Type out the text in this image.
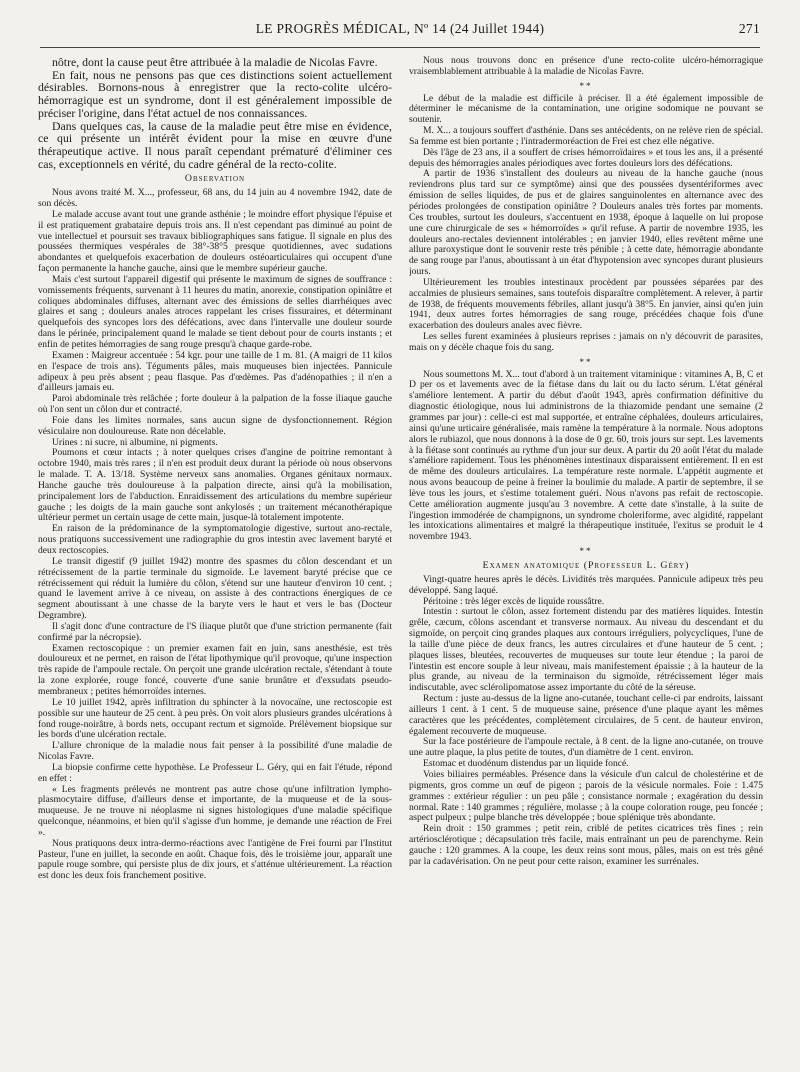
LE PROGRÈS MÉDICAL, Nº 14 (24 Juillet 1944)	271

nôtre, dont la cause peut être attribuée à la maladie de Nicolas Favre.

En fait, nous ne pensons pas que ces distinctions soient actuellement désirables. Bornons-nous à enregistrer que la recto-colite ulcéro-hémorragique est un syndrome, dont il est généralement impossible de préciser l'origine, dans l'état actuel de nos connaissances.

Dans quelques cas, la cause de la maladie peut être mise en évidence, ce qui présente un intérêt évident pour la mise en œuvre d'une thérapeutique active. Il nous paraît cependant prématuré d'éliminer ces cas, exceptionnels en vérité, du cadre général de la recto-colite.

Observation

Nous avons traité M. X..., professeur, 68 ans, du 14 juin au 4 novembre 1942, date de son décès.

Le malade accuse avant tout une grande asthénie ; le moindre effort physique l'épuise et il est pratiquement grabataire depuis trois ans. Il n'est cependant pas diminué au point de vue intellectuel et poursuit ses travaux bibliographiques sans fatigue. Il signale en plus des poussées thermiques vespérales de 38°-38°5 presque quotidiennes, avec sudations abondantes et quelquefois exacerbation de douleurs ostéoarticulaires qui occupent d'une façon permanente la hanche gauche, ainsi que le membre supérieur gauche.

Mais c'est surtout l'appareil digestif qui présente le maximum de signes de souffrance : vomissements fréquents, survenant à 11 heures du matin, anorexie, constipation opiniâtre et coliques abdominales diffuses, alternant avec des émissions de selles diarrhéiques avec glaires et sang ; douleurs anales atroces rappelant les crises fissuraires, et déterminant quelquefois des syncopes lors des défécations, avec dans l'intervalle une douleur sourde dans le périnée, principalement quand le malade se tient debout pour de courts instants ; et enfin de petites hémorragies de sang rouge presqu'à chaque garde-robe.

Examen : Maigreur accentuée : 54 kgr. pour une taille de 1 m. 81. (A maigri de 11 kilos en l'espace de trois ans). Téguments pâles, mais muqueuses bien injectées. Pannicule adipeux à peu près absent ; peau flasque. Pas d'œdèmes. Pas d'adénopathies ; il n'en a d'ailleurs jamais eu.

Paroi abdominale très relâchée ; forte douleur à la palpation de la fosse iliaque gauche où l'on sent un côlon dur et contracté.

Foie dans les limites normales, sans aucun signe de dysfonctionnement. Région vésiculaire non douloureuse. Rate non décelable.

Urines : ni sucre, ni albumine, ni pigments.

Poumons et cœur intacts ; à noter quelques crises d'angine de poitrine remontant à octobre 1940, mais très rares ; il n'en est produit deux durant la période où nous observons le malade. T. A. 13/18. Système nerveux sans anomalies. Organes génitaux normaux. Hanche gauche très douloureuse à la palpation directe, ainsi qu'à la mobilisation, principalement lors de l'abduction. Enraidissement des articulations du membre supérieur gauche ; les doigts de la main gauche sont ankylosés ; un traitement mécanothérapique ultérieur permet un certain usage de cette main, jusque-là totalement impotente.

En raison de la prédominance de la symptomatologie digestive, surtout ano-rectale, nous pratiquons successivement une radiographie du gros intestin avec lavement baryté et deux rectoscopies.

Le transit digestif (9 juillet 1942) montre des spasmes du côlon descendant et un rétrécissement de la partie terminale du sigmoïde. Le lavement baryté précise que ce rétrécissement qui réduit la lumière du côlon, s'étend sur une hauteur d'environ 10 cent. ; quand le lavement arrive à ce niveau, on assiste à des contractions énergiques de ce segment aboutissant à une chasse de la baryte vers le haut et vers le bas (Docteur Degrambre).

Il s'agit donc d'une contracture de l'S iliaque plutôt que d'une striction permanente (fait confirmé par la nécropsie).

Examen rectoscopique : un premier examen fait en juin, sans anesthésie, est très douloureux et ne permet, en raison de l'état lipothymique qu'il provoque, qu'une inspection très rapide de l'ampoule rectale. On perçoit une grande ulcération rectale, s'étendant à toute la zone explorée, rouge foncé, couverte d'une sanie brunâtre et d'exsudats pseudo-membraneux ; petites hémorroïdes internes.

Le 10 juillet 1942, après infiltration du sphincter à la novocaïne, une rectoscopie est possible sur une hauteur de 25 cent. à peu près. On voit alors plusieurs grandes ulcérations à fond rouge-noirâtre, à bords nets, occupant rectum et sigmoïde. Prélèvement biopsique sur les bords d'une ulcération rectale.

L'allure chronique de la maladie nous fait penser à la possibilité d'une maladie de Nicolas Favre.

La biopsie confirme cette hypothèse. Le Professeur L. Géry, qui en fait l'étude, répond en effet :

« Les fragments prélevés ne montrent pas autre chose qu'une infiltration lympho-plasmocytaire diffuse, d'ailleurs dense et importante, de la muqueuse et de la sous-muqueuse. Je ne trouve ni néoplasme ni signes histologiques d'une maladie spécifique quelconque, néanmoins, et bien qu'il s'agisse d'un homme, je demande une réaction de Frei ».

Nous pratiquons deux intra-dermo-réactions avec l'antigène de Frei fourni par l'Institut Pasteur, l'une en juillet, la seconde en août. Chaque fois, dès le troisième jour, apparaît une papule rouge sombre, qui persiste plus de dix jours, et s'atténue ultérieurement. La réaction est donc les deux fois franchement positive.

Nous nous trouvons donc en présence d'une recto-colite ulcéro-hémorragique vraisemblablement attribuable à la maladie de Nicolas Favre.

**

Le début de la maladie est difficile à préciser. Il a été également impossible de déterminer le mécanisme de la contamination, une origine sodomique ne pouvant se soutenir.

M. X... a toujours souffert d'asthénie. Dans ses antécédents, on ne relève rien de spécial. Sa femme est bien portante ; l'intradermoréaction de Frei est chez elle négative.

Dès l'âge de 23 ans, il a souffert de crises hémorroïdaires » et tous les ans, il a présenté depuis des hémorragies anales périodiques avec fortes douleurs lors des défécations.

A partir de 1936 s'installent des douleurs au niveau de la hanche gauche (nous reviendrons plus tard sur ce symptôme) ainsi que des poussées dysentériformes avec émission de selles liquides, de pus et de glaires sanguinolentes en alternance avec des périodes prolongées de constipation opiniâtre ? Douleurs anales très fortes par moments. Ces troubles, surtout les douleurs, s'accentuent en 1938, époque à laquelle on lui propose une cure chirurgicale de ses « hémorroïdes » qu'il refuse. A partir de novembre 1935, les douleurs ano-rectales deviennent intolérables ; en janvier 1940, elles revêtent même une allure paroxystique dont le souvenir reste très pénible ; à cette date, hémorragie abondante de sang rouge par l'anus, aboutissant à un état d'hypotension avec syncopes durant plusieurs jours.

Ultérieurement les troubles intestinaux procèdent par poussées séparées par des accalmies de plusieurs semaines, sans toutefois disparaître complètement. A relever, à partir de 1938, de fréquents mouvements fébriles, allant jusqu'à 38°5. En janvier, ainsi qu'en juin 1941, deux autres fortes hémorragies de sang rouge, précédées chaque fois d'une exacerbation des douleurs anales avec fièvre.

Les selles furent examinées à plusieurs reprises : jamais on n'y découvrit de parasites, mais on y décèle chaque fois du sang.

**

Nous soumettons M. X... tout d'abord à un traitement vitaminique : vitamines A, B, C et D per os et lavements avec de la fiétase dans du lait ou du lacto sérum. L'état général s'améliore lentement. A partir du début d'août 1943, après confirmation définitive du diagnostic étiologique, nous lui administrons de la thiazomide pendant une semaine (2 grammes par jour) : celle-ci est mal supportée, et entraîne céphalées, douleurs articulaires, ainsi qu'une urticaire généralisée, mais ramène la température à la normale. Nous adoptons alors le rubiazol, que nous donnons à la dose de 0 gr. 60, trois jours sur sept. Les lavements à la fiétase sont continués au rythme d'un jour sur deux. A partir du 20 août l'état du malade s'améliore rapidement. Tous les phénomènes intestinaux disparaissent entièrement. Il en est de même des douleurs articulaires. La température reste normale. L'appétit augmente et nous avons beaucoup de peine à freiner la boulimie du malade. A partir de septembre, il se lève tous les jours, et s'estime totalement guéri. Nous n'avons pas refait de rectoscopie. Cette amélioration augmente jusqu'au 3 novembre. A cette date s'installe, à la suite de l'ingestion immodérée de champignons, un syndrome choleriforme, avec algidité, rappelant les intoxications alimentaires et malgré la thérapeutique instituée, l'exitus se produit le 4 novembre 1943.

**

Examen anatomique (Professeur L. Géry)

Vingt-quatre heures après le décès. Lividités très marquées. Pannicule adipeux très peu développé. Sang laqué.

Péritoine : très léger excès de liquide roussâtre.

Intestin : surtout le côlon, assez fortement distendu par des matières liquides. Intestin grêle, cæcum, côlons ascendant et transverse normaux. Au niveau du descendant et du sigmoïde, on perçoit cinq grandes plaques aux contours irréguliers, polycycliques, l'une de la taille d'une pièce de deux francs, les autres circulaires et d'une hauteur de 5 cent. ; plaques lisses, bleutées, recouvertes de muqueuses sur toute leur étendue ; la paroi de l'intestin est encore souple à leur niveau, mais manifestement épaissie ; à la hauteur de la plus grande, au niveau de la terminaison du sigmoïde, rétrécissement léger mais indiscutable, avec sclérolipomatose assez importante du côté de la séreuse.

Rectum : juste au-dessus de la ligne ano-cutanée, touchant celle-ci par endroits, laissant ailleurs 1 cent. à 1 cent. 5 de muqueuse saine, présence d'une plaque ayant les mêmes caractères que les précédentes, complètement circulaires, de 5 cent. de hauteur environ, également recouverte de muqueuse.

Sur la face postérieure de l'ampoule rectale, à 8 cent. de la ligne ano-cutanée, on trouve une autre plaque, la plus petite de toutes, d'un diamètre de 1 cent. environ.

Estomac et duodénum distendus par un liquide foncé.

Voies biliaires perméables. Présence dans la vésicule d'un calcul de cholestérine et de pigments, gros comme un œuf de pigeon ; parois de la vésicule normales. Foie : 1.475 grammes : extérieur régulier : un peu pâle ; consistance normale ; exagération du dessin normal. Rate : 140 grammes ; régulière, molasse ; à la coupe coloration rouge, peu foncée ; aspect pulpeux ; pulpe blanche très développée ; boue splénique très abondante.

Rein droit : 150 grammes ; petit rein, criblé de petites cicatrices très fines ; rein artériosclérotique ; décapsulation très facile, mais entraînant un peu de parenchyme. Rein gauche : 120 grammes. A la coupe, les deux reins sont mous, pâles, mais on est très gêné par la cadavérisation. On ne peut pour cette raison, examiner les surrénales.
